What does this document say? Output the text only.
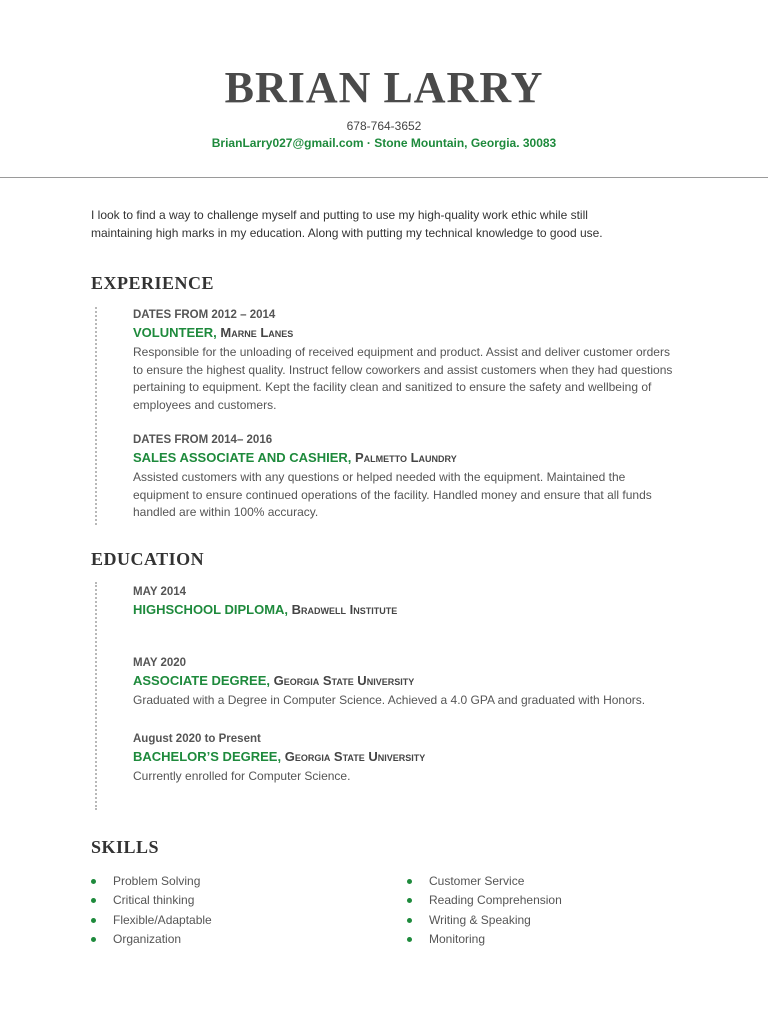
BRIAN LARRY
678-764-3652
BrianLarry027@gmail.com · Stone Mountain, Georgia. 30083
I look to find a way to challenge myself and putting to use my high-quality work ethic while still maintaining high marks in my education. Along with putting my technical knowledge to good use.
EXPERIENCE
DATES FROM 2012 – 2014
VOLUNTEER, Marne Lanes
Responsible for the unloading of received equipment and product. Assist and deliver customer orders to ensure the highest quality. Instruct fellow coworkers and assist customers when they had questions pertaining to equipment. Kept the facility clean and sanitized to ensure the safety and wellbeing of employees and customers.
DATES FROM 2014– 2016
SALES ASSOCIATE AND CASHIER, Palmetto Laundry
Assisted customers with any questions or helped needed with the equipment. Maintained the equipment to ensure continued operations of the facility. Handled money and ensure that all funds handled are within 100% accuracy.
EDUCATION
MAY 2014
HIGHSCHOOL DIPLOMA, Bradwell Institute
MAY 2020
ASSOCIATE DEGREE, Georgia State University
Graduated with a Degree in Computer Science. Achieved a 4.0 GPA and graduated with Honors.
August 2020 to Present
BACHELOR’S DEGREE, Georgia State University
Currently enrolled for Computer Science.
SKILLS
Problem Solving
Critical thinking
Flexible/Adaptable
Organization
Customer Service
Reading Comprehension
Writing & Speaking
Monitoring
